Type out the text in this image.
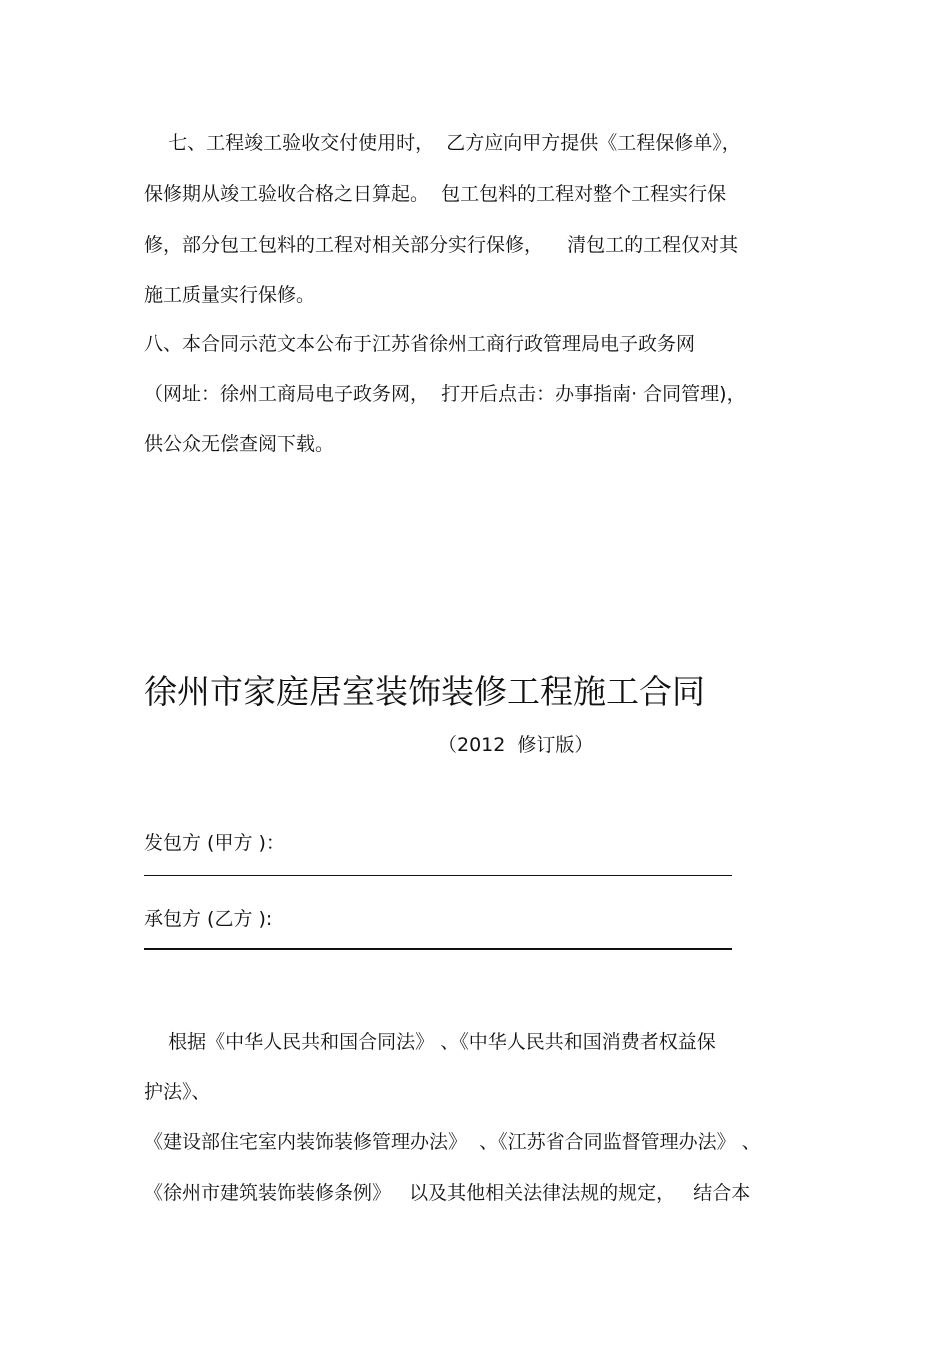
七、工程竣工验收交付使用时，  乙方应向甲方提供《工程保修单》，

保修期从竣工验收合格之日算起。  包工包料的工程对整个工程实行保

修，部分包工包料的工程对相关部分实行保修，    清包工的工程仅对其

施工质量实行保修。

八、本合同示范文本公布于江苏省徐州工商行政管理局电子政务网

（网址：徐州工商局电子政务网，  打开后点击：办事指南· 合同管理)，

供公众无偿查阅下载。

徐州市家庭居室装饰装修工程施工合同
（2012  修订版）

发包方 (甲方 )：

承包方 (乙方 ):

根据《中华人民共和国合同法》 、《中华人民共和国消费者权益保

护法》、

《建设部住宅室内装饰装修管理办法》  、《江苏省合同监督管理办法》 、

《徐州市建筑装饰装修条例》   以及其他相关法律法规的规定，   结合本
